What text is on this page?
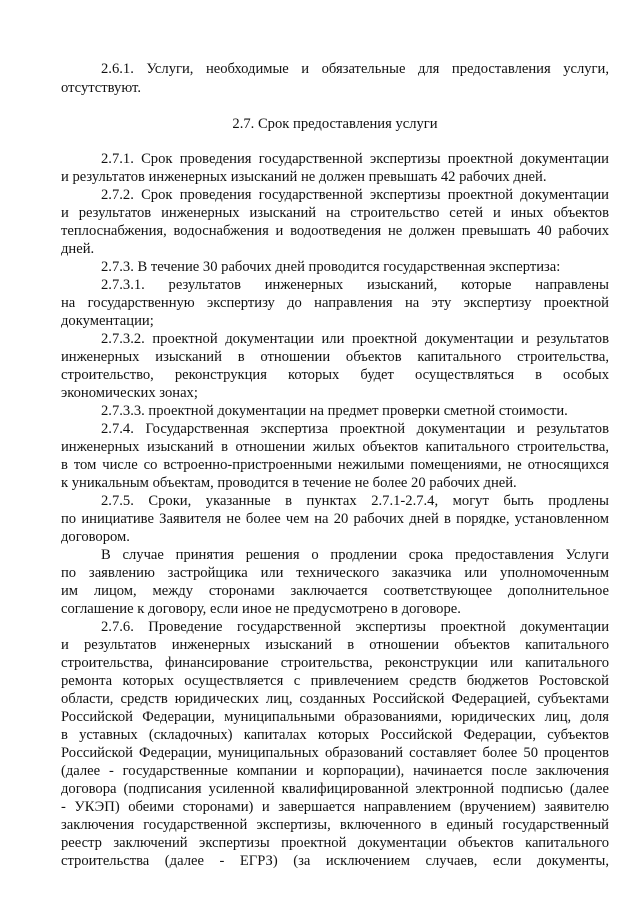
2.6.1. Услуги, необходимые и обязательные для предоставления услуги,
отсутствуют.
2.7. Срок предоставления услуги
2.7.1. Срок проведения государственной экспертизы проектной документации
и результатов инженерных изысканий не должен превышать 42 рабочих дней.
2.7.2. Срок проведения государственной экспертизы проектной документации
и результатов инженерных изысканий на строительство сетей и иных объектов
теплоснабжения, водоснабжения и водоотведения не должен превышать 40 рабочих
дней.
2.7.3. В течение 30 рабочих дней проводится государственная экспертиза:
2.7.3.1. результатов инженерных изысканий, которые направлены
на государственную экспертизу до направления на эту экспертизу проектной
документации;
2.7.3.2. проектной документации или проектной документации и результатов
инженерных изысканий в отношении объектов капитального строительства,
строительство, реконструкция которых будет осуществляться в особых
экономических зонах;
2.7.3.3. проектной документации на предмет проверки сметной стоимости.
2.7.4. Государственная экспертиза проектной документации и результатов
инженерных изысканий в отношении жилых объектов капитального строительства,
в том числе со встроенно-пристроенными нежилыми помещениями, не относящихся
к уникальным объектам, проводится в течение не более 20 рабочих дней.
2.7.5. Сроки, указанные в пунктах 2.7.1-2.7.4, могут быть продлены
по инициативе Заявителя не более чем на 20 рабочих дней в порядке, установленном
договором.
В случае принятия решения о продлении срока предоставления Услуги
по заявлению застройщика или технического заказчика или уполномоченным
им лицом, между сторонами заключается соответствующее дополнительное
соглашение к договору, если иное не предусмотрено в договоре.
2.7.6. Проведение государственной экспертизы проектной документации
и результатов инженерных изысканий в отношении объектов капитального
строительства, финансирование строительства, реконструкции или капитального
ремонта которых осуществляется с привлечением средств бюджетов Ростовской
области, средств юридических лиц, созданных Российской Федерацией, субъектами
Российской Федерации, муниципальными образованиями, юридических лиц, доля
в уставных (складочных) капиталах которых Российской Федерации, субъектов
Российской Федерации, муниципальных образований составляет более 50 процентов
(далее - государственные компании и корпорации), начинается после заключения
договора (подписания усиленной квалифицированной электронной подписью (далее
- УКЭП) обеими сторонами) и завершается направлением (вручением) заявителю
заключения государственной экспертизы, включенного в единый государственный
реестр заключений экспертизы проектной документации объектов капитального
строительства (далее - ЕГРЗ) (за исключением случаев, если документы,
